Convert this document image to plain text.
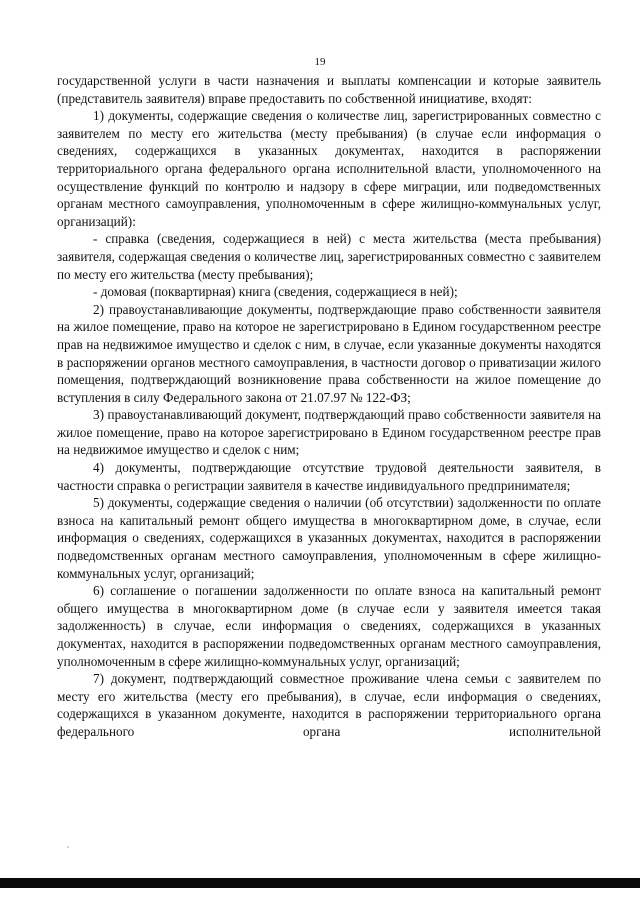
19

государственной услуги в части назначения и выплаты компенсации и которые заявитель (представитель заявителя) вправе предоставить по собственной инициативе, входят:

1) документы, содержащие сведения о количестве лиц, зарегистрированных совместно с заявителем по месту его жительства (месту пребывания) (в случае если информация о сведениях, содержащихся в указанных документах, находится в распоряжении территориального органа федерального органа исполнительной власти, уполномоченного на осуществление функций по контролю и надзору в сфере миграции, или подведомственных органам местного самоуправления, уполномоченным в сфере жилищно-коммунальных услуг, организаций):

- справка (сведения, содержащиеся в ней) с места жительства (места пребывания) заявителя, содержащая сведения о количестве лиц, зарегистрированных совместно с заявителем по месту его жительства (месту пребывания);

- домовая (поквартирная) книга (сведения, содержащиеся в ней);

2) правоустанавливающие документы, подтверждающие право собственности заявителя на жилое помещение, право на которое не зарегистрировано в Едином государственном реестре прав на недвижимое имущество и сделок с ним, в случае, если указанные документы находятся в распоряжении органов местного самоуправления, в частности договор о приватизации жилого помещения, подтверждающий возникновение права собственности на жилое помещение до вступления в силу Федерального закона от 21.07.97 № 122-ФЗ;

3) правоустанавливающий документ, подтверждающий право собственности заявителя на жилое помещение, право на которое зарегистрировано в Едином государственном реестре прав на недвижимое имущество и сделок с ним;

4) документы, подтверждающие отсутствие трудовой деятельности заявителя, в частности справка о регистрации заявителя в качестве индивидуального предпринимателя;

5) документы, содержащие сведения о наличии (об отсутствии) задолженности по оплате взноса на капитальный ремонт общего имущества в многоквартирном доме, в случае, если информация о сведениях, содержащихся в указанных документах, находится в распоряжении подведомственных органам местного самоуправления, уполномоченным в сфере жилищно-коммунальных услуг, организаций;

6) соглашение о погашении задолженности по оплате взноса на капитальный ремонт общего имущества в многоквартирном доме (в случае если у заявителя имеется такая задолженность) в случае, если информация о сведениях, содержащихся в указанных документах, находится в распоряжении подведомственных органам местного самоуправления, уполномоченным в сфере жилищно-коммунальных услуг, организаций;

7) документ, подтверждающий совместное проживание члена семьи с заявителем по месту его жительства (месту его пребывания), в случае, если информация о сведениях, содержащихся в указанном документе, находится в распоряжении территориального органа федерального органа исполнительной
